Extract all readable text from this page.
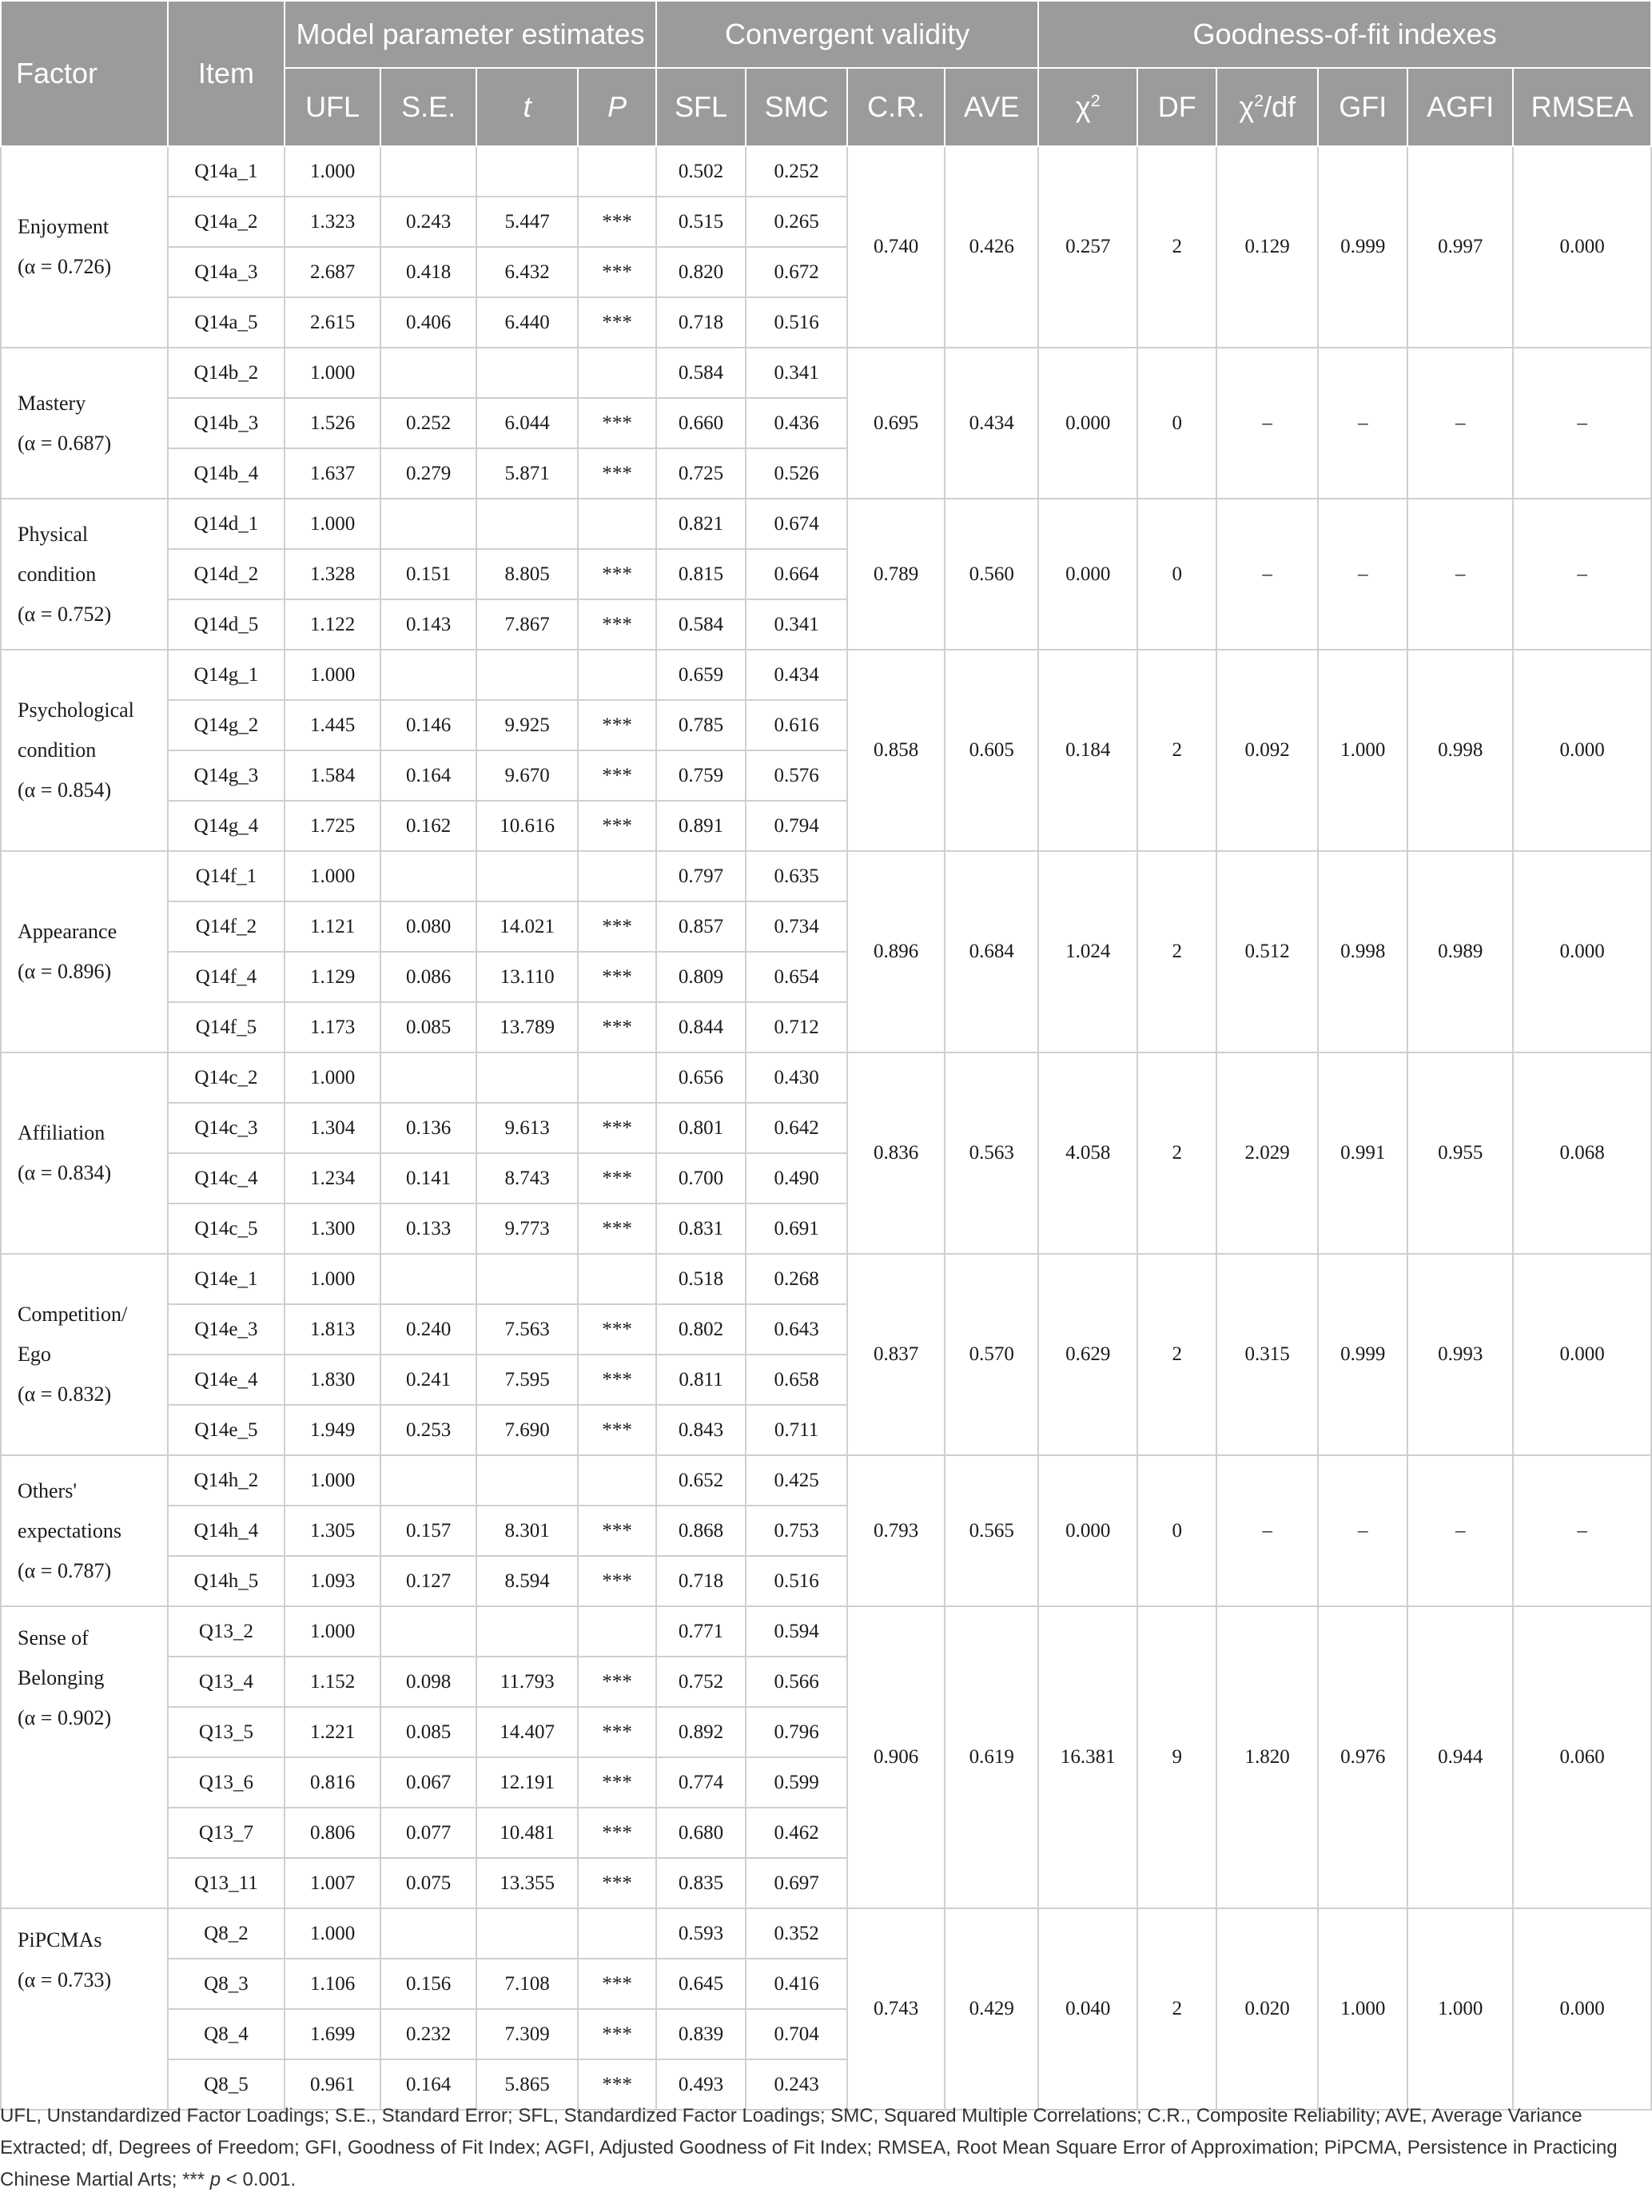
Factor	Item	Model parameter estimates				Convergent validity				Goodness-of-fit indexes					
		UFL	S.E.	t	P	SFL	SMC	C.R.	AVE	$\chi^2$	DF	$\chi^2/df$	GFI	AGFI	RMSEA

Enjoyment
(α = 0.726)	Q14a_1	1.000				0.502	0.252	0.740	0.426	0.257	2	0.129	0.999	0.997	0.000
	Q14a_2	1.323	0.243	5.447	***	0.515	0.265								
	Q14a_3	2.687	0.418	6.432	***	0.820	0.672								
	Q14a_5	2.615	0.406	6.440	***	0.718	0.516								

Mastery
(α = 0.687)	Q14b_2	1.000				0.584	0.341	0.695	0.434	0.000	0	–	–	–	–
	Q14b_3	1.526	0.252	6.044	***	0.660	0.436								
	Q14b_4	1.637	0.279	5.871	***	0.725	0.526								

Physical condition
(α = 0.752)	Q14d_1	1.000				0.821	0.674	0.789	0.560	0.000	0	–	–	–	–
	Q14d_2	1.328	0.151	8.805	***	0.815	0.664								
	Q14d_5	1.122	0.143	7.867	***	0.584	0.341								

Psychological condition
(α = 0.854)	Q14g_1	1.000				0.659	0.434	0.858	0.605	0.184	2	0.092	1.000	0.998	0.000
	Q14g_2	1.445	0.146	9.925	***	0.785	0.616								
	Q14g_3	1.584	0.164	9.670	***	0.759	0.576								
	Q14g_4	1.725	0.162	10.616	***	0.891	0.794								

Appearance
(α = 0.896)	Q14f_1	1.000				0.797	0.635	0.896	0.684	1.024	2	0.512	0.998	0.989	0.000
	Q14f_2	1.121	0.080	14.021	***	0.857	0.734								
	Q14f_4	1.129	0.086	13.110	***	0.809	0.654								
	Q14f_5	1.173	0.085	13.789	***	0.844	0.712								

Affiliation
(α = 0.834)	Q14c_2	1.000				0.656	0.430	0.836	0.563	4.058	2	2.029	0.991	0.955	0.068
	Q14c_3	1.304	0.136	9.613	***	0.801	0.642								
	Q14c_4	1.234	0.141	8.743	***	0.700	0.490								
	Q14c_5	1.300	0.133	9.773	***	0.831	0.691								

Competition/ Ego
(α = 0.832)	Q14e_1	1.000				0.518	0.268	0.837	0.570	0.629	2	0.315	0.999	0.993	0.000
	Q14e_3	1.813	0.240	7.563	***	0.802	0.643								
	Q14e_4	1.830	0.241	7.595	***	0.811	0.658								
	Q14e_5	1.949	0.253	7.690	***	0.843	0.711								

Others' expectations
(α = 0.787)	Q14h_2	1.000				0.652	0.425	0.793	0.565	0.000	0	–	–	–	–
	Q14h_4	1.305	0.157	8.301	***	0.868	0.753								
	Q14h_5	1.093	0.127	8.594	***	0.718	0.516								

Sense of Belonging
(α = 0.902)	Q13_2	1.000				0.771	0.594	0.906	0.619	16.381	9	1.820	0.976	0.944	0.060
	Q13_4	1.152	0.098	11.793	***	0.752	0.566								
	Q13_5	1.221	0.085	14.407	***	0.892	0.796								
	Q13_6	0.816	0.067	12.191	***	0.774	0.599								
	Q13_7	0.806	0.077	10.481	***	0.680	0.462								
	Q13_11	1.007	0.075	13.355	***	0.835	0.697								

PiPCMAs
(α = 0.733)	Q8_2	1.000				0.593	0.352	0.743	0.429	0.040	2	0.020	1.000	1.000	0.000
	Q8_3	1.106	0.156	7.108	***	0.645	0.416								
	Q8_4	1.699	0.232	7.309	***	0.839	0.704								
	Q8_5	0.961	0.164	5.865	***	0.493	0.243								

UFL, Unstandardized Factor Loadings; S.E., Standard Error; SFL, Standardized Factor Loadings; SMC, Squared Multiple Correlations; C.R., Composite Reliability; AVE, Average Variance Extracted; df, Degrees of Freedom; GFI, Goodness of Fit Index; AGFI, Adjusted Goodness of Fit Index; RMSEA, Root Mean Square Error of Approximation; PiPCMA, Persistence in Practicing Chinese Martial Arts; *** p < 0.001.
